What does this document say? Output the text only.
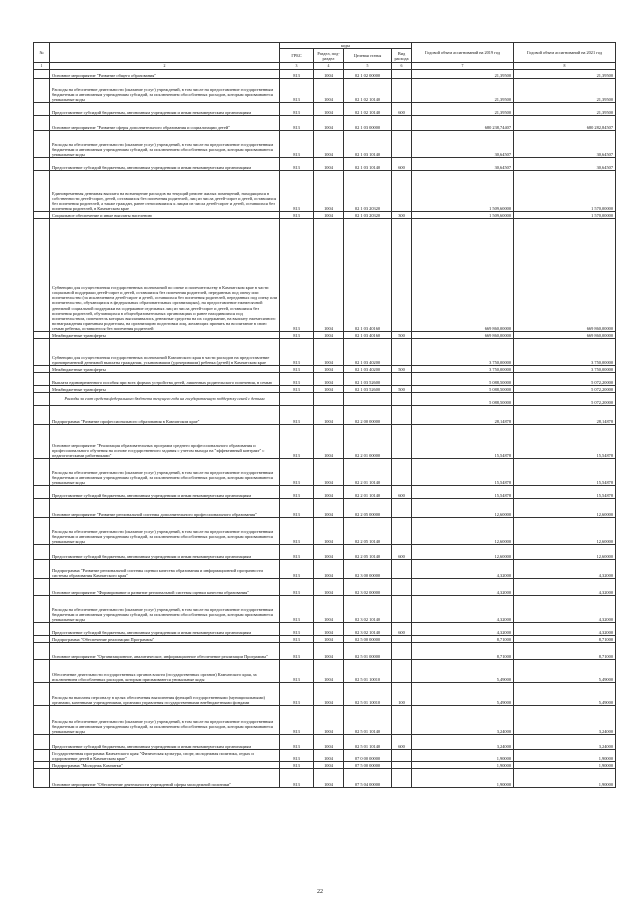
№		коды				Годовой объем ассигнований на 2019 год	Годовой объем ассигнований на 2021 год
		ГРБС	Раздел, под-раздел	Целевая статья	Вид расхода		
1	2	3	4	5	6	7	8
	Основное мероприятие "Развитие общего образования"	813	1004	02 1 02 00000		21,39500	21,39500
	Расходы на обеспечение деятельности (оказание услуг) учреждений, в том числе на предоставление государственным бюджетным и автономным учреждениям субсидий, за исключением обособленных расходов, которым присваиваются уникальные коды	813	1004	02 1 02 10140		21,39500	21,39500
	Предоставление субсидий бюджетным, автономным учреждениям и иным некоммерческим организациям	813	1004	02 1 02 10140	600	21,39500	21,39500
	Основное мероприятие "Развитие сферы дополнительного образования и социализации детей"	813	1004	02 1 03 00000		680 238,74407	680 282,84507
	Расходы на обеспечение деятельности (оказание услуг) учреждений, в том числе на предоставление государственным бюджетным и автономным учреждениям субсидий, за исключением обособленных расходов, которым присваиваются уникальные коды	813	1004	02 1 03 10140		30,64507	30,64507
	Предоставление субсидий бюджетным, автономным учреждениям и иным некоммерческим организациям	813	1004	02 1 03 10140	600	30,64507	30,64507
	Единовременная денежная выплата на возмещение расходов на текущий ремонт жилых помещений, находящихся в собственности детей-сирот, детей, оставшихся без попечения родителей, лиц из числа детей-сирот и детей, оставшихся без попечения родителей, а также граждан, ранее относившихся к лицам из числа детей-сирот и детей, оставшихся без попечения родителей, в Камчатском крае	813	1004	02 1 03 20320		1 509,60000	1 570,00000
	Социальное обеспечение и иные выплаты населению	813	1004	02 1 03 20320	300	1 509,60000	1 570,00000
	Субвенции для осуществления государственных полномочий по опеке и попечительству в Камчатском крае в части социальной поддержки детей-сирот и детей, оставшихся без попечения родителей, переданных под опеку или попечительство (за исключением детей-сирот и детей, оставшихся без попечения родителей, переданных под опеку или попечительство, обучающихся в федеральных образовательных организациях), на предоставление ежемесячной денежной социальной поддержки на содержание отдельных лиц из числа детей-сирот и детей, оставшихся без попечения родителей, обучающихся в общеобразовательных организациях и ранее находившихся под попечительством, попечитель которых выплачивались денежные средства на их содержание, на выплату ежемесячного вознаграждения приемным родителям, на организацию подготовки лиц, желающих принять на воспитание в свою семью ребенка, оставшегося без попечения родителей	813	1004	02 1 03 40160		669 860,00000	669 860,00000
	Межбюджетные трансферты	813	1004	02 1 03 40160	500	669 860,00000	669 860,00000
	Субвенции для осуществления государственных полномочий Камчатского края в части расходов на предоставление единовременной денежной выплаты гражданам, усыновившим (удочерившим) ребенка (детей) в Камчатском крае	813	1004	02 1 03 40200		3 750,00000	3 750,00000
	Межбюджетные трансферты	813	1004	02 1 03 40200	500	3 750,00000	3 750,00000
	Выплата единовременного пособия при всех формах устройства детей, лишенных родительского попечения, в семью	813	1004	02 1 03 52600		5 088,50000	5 072,20000
	Межбюджетные трансферты	813	1004	02 1 03 52600	500	5 088,50000	5 072,20000
	Расходы за счет средств федерального бюджета текущего года на государственную поддержку семей с детьми					5 088,50000	5 072,20000
	Подпрограмма "Развитие профессионального образования в Камчатском крае"	813	1004	02 2 00 00000		28,14878	28,14878
	Основное мероприятие "Реализация образовательных программ среднего профессионального образования и профессионального обучения на основе государственного задания с учетом выхода на "эффективный контракт" с педагогическими работниками"	813	1004	02 2 01 00000		15,54878	15,54878
	Расходы на обеспечение деятельности (оказание услуг) учреждений, в том числе на предоставление государственным бюджетным и автономным учреждениям субсидий, за исключением обособленных расходов, которым присваиваются уникальные коды	813	1004	02 2 01 10140		15,54878	15,54878
	Предоставление субсидий бюджетным, автономным учреждениям и иным некоммерческим организациям	813	1004	02 2 01 10140	600	15,54878	15,54878
	Основное мероприятие "Развитие региональной системы дополнительного профессионального образования"	813	1004	02 2 05 00000		12,60000	12,60000
	Расходы на обеспечение деятельности (оказание услуг) учреждений, в том числе на предоставление государственным бюджетным и автономным учреждениям субсидий, за исключением обособленных расходов, которым присваиваются уникальные коды	813	1004	02 2 05 10140		12,60000	12,60000
	Предоставление субсидий бюджетным, автономным учреждениям и иным некоммерческим организациям	813	1004	02 2 05 10140	600	12,60000	12,60000
	Подпрограмма "Развитие региональной системы оценки качества образования и информационной прозрачности системы образования Камчатского края"	813	1004	02 3 00 00000		4,32000	4,32000
	Основное мероприятие "Формирование и развитие региональной системы оценки качества образования"	813	1004	02 3 02 00000		4,32000	4,32000
	Расходы на обеспечение деятельности (оказание услуг) учреждений, в том числе на предоставление государственным бюджетным и автономным учреждениям субсидий, за исключением обособленных расходов, которым присваиваются уникальные коды	813	1004	02 3 02 10140		4,32000	4,32000
	Предоставление субсидий бюджетным, автономным учреждениям и иным некоммерческим организациям	813	1004	02 3 02 10140	600	4,32000	4,32000
	Подпрограмма "Обеспечение реализации Программы"	813	1004	02 5 00 00000		8,71000	8,71000
	Основное мероприятие "Организационное, аналитическое, информационное обеспечение реализации Программы"	813	1004	02 5 01 00000		8,71000	8,71000
	Обеспечение деятельности государственных органов власти (государственных органов) Камчатского края, за исключением обособленных расходов, которым присваиваются уникальные коды	813	1004	02 5 01 10010		5,49000	5,49000
	Расходы на выплаты персоналу в целях обеспечения выполнения функций государственными (муниципальными) органами, казенными учреждениями, органами управления государственными внебюджетными фондами	813	1004	02 5 01 10010	100	5,49000	5,49000
	Расходы на обеспечение деятельности (оказание услуг) учреждений, в том числе на предоставление государственным бюджетным и автономным учреждениям субсидий, за исключением обособленных расходов, которым присваиваются уникальные коды	813	1004	02 5 01 10140		3,24000	3,24000
	Предоставление субсидий бюджетным, автономным учреждениям и иным некоммерческим организациям	813	1004	02 5 01 10140	600	3,24000	3,24000
	Государственная программа Камчатского края "Физическая культура, спорт, молодежная политика, отдых и оздоровление детей в Камчатском крае"	813	1004	07 0 00 00000		1,90000	1,90000
	Подпрограмма "Молодежь Камчатки"	813	1004	07 5 00 00000		1,90000	1,90000
	Основное мероприятие "Обеспечение деятельности учреждений сферы молодежной политики"	813	1004	07 5 04 00000		1,90000	1,90000
22
